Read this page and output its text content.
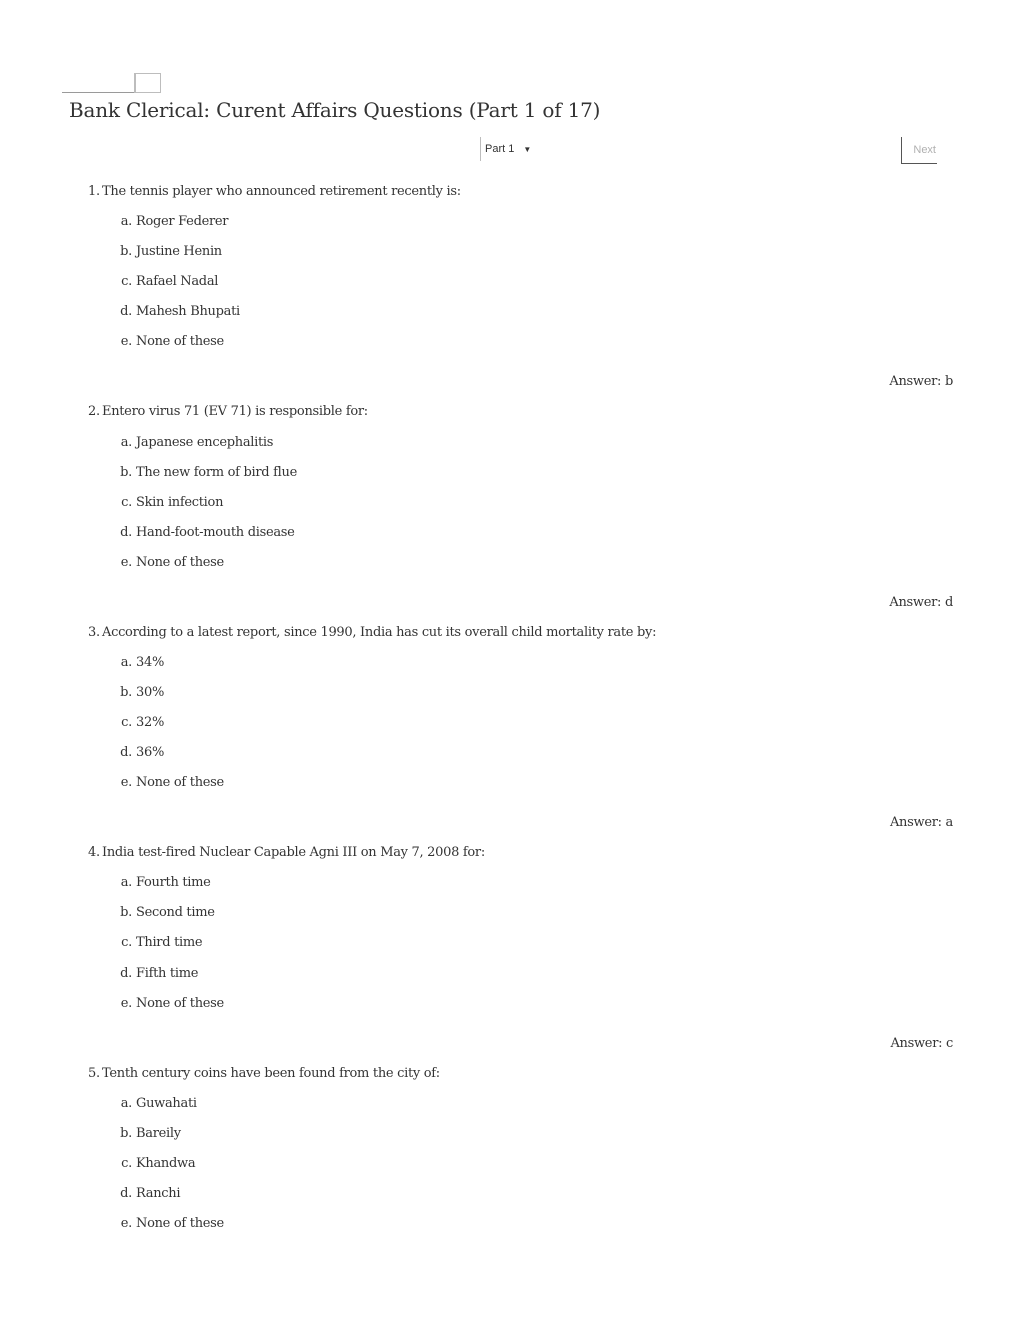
Bank Clerical: Curent Affairs Questions (Part 1 of 17)
Part 1 ▼	Next
1. The tennis player who announced retirement recently is:
a. Roger Federer
b. Justine Henin
c. Rafael Nadal
d. Mahesh Bhupati
e. None of these
Answer: b
2. Entero virus 71 (EV 71) is responsible for:
a. Japanese encephalitis
b. The new form of bird flue
c. Skin infection
d. Hand-foot-mouth disease
e. None of these
Answer: d
3. According to a latest report, since 1990, India has cut its overall child mortality rate by:
a. 34%
b. 30%
c. 32%
d. 36%
e. None of these
Answer: a
4. India test-fired Nuclear Capable Agni III on May 7, 2008 for:
a. Fourth time
b. Second time
c. Third time
d. Fifth time
e. None of these
Answer: c
5. Tenth century coins have been found from the city of:
a. Guwahati
b. Bareily
c. Khandwa
d. Ranchi
e. None of these
